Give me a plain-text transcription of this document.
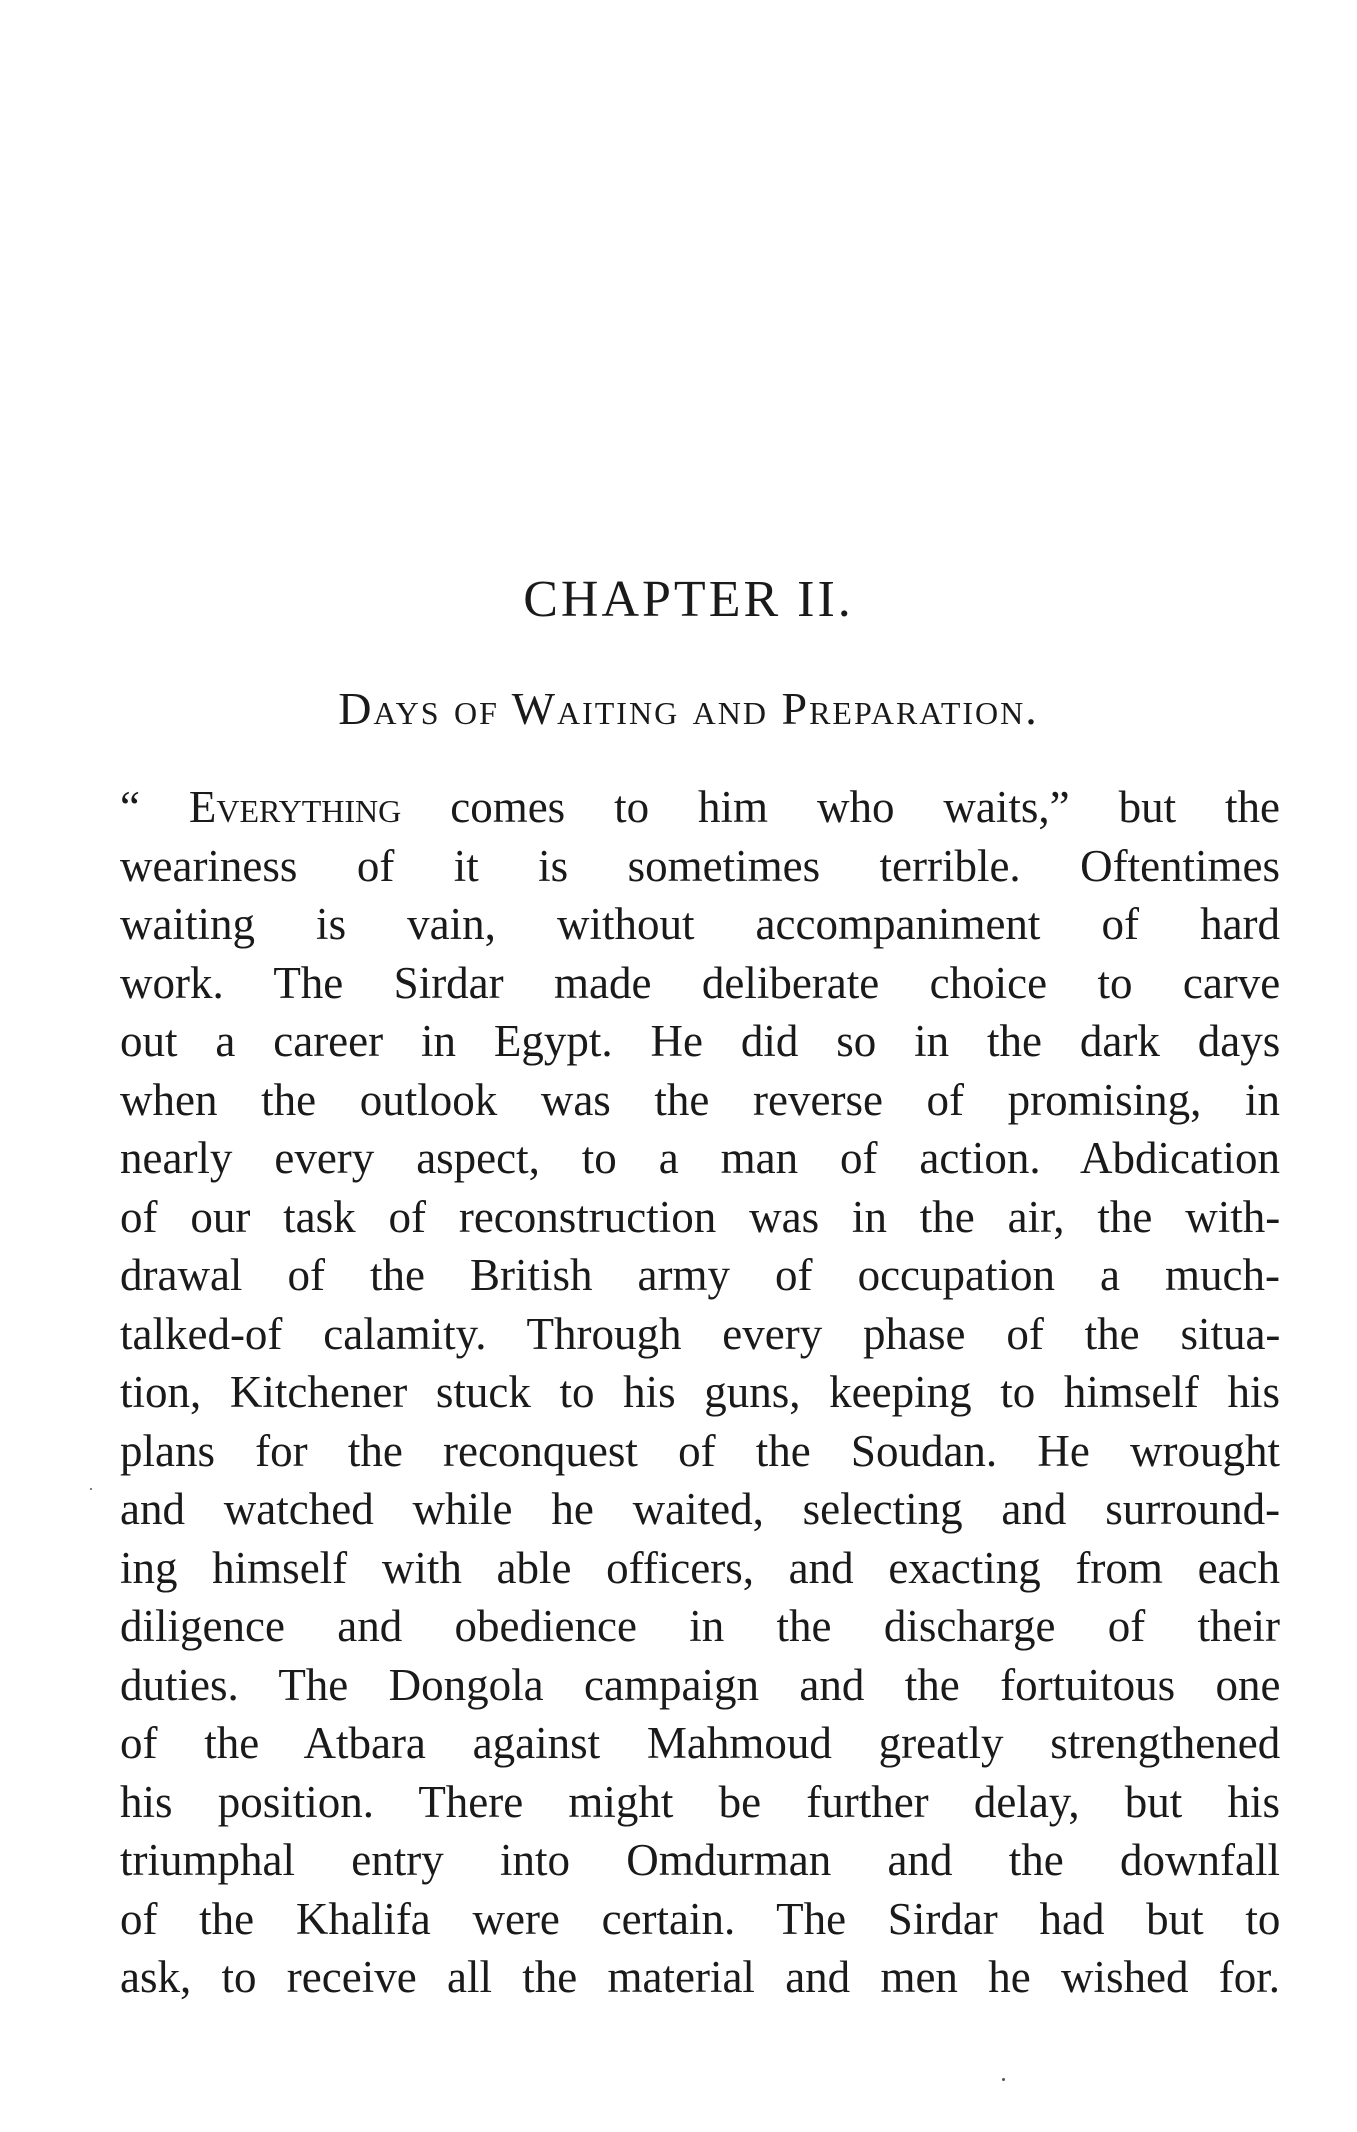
CHAPTER II.
Days of Waiting and Preparation.
“ Everything comes to him who waits,” but the
weariness of it is sometimes terrible. Oftentimes
waiting is vain, without accompaniment of hard
work. The Sirdar made deliberate choice to carve
out a career in Egypt. He did so in the dark days
when the outlook was the reverse of promising, in
nearly every aspect, to a man of action. Abdication
of our task of reconstruction was in the air, the with-
drawal of the British army of occupation a much-
talked-of calamity. Through every phase of the situa-
tion, Kitchener stuck to his guns, keeping to himself his
plans for the reconquest of the Soudan. He wrought
and watched while he waited, selecting and surround-
ing himself with able officers, and exacting from each
diligence and obedience in the discharge of their
duties. The Dongola campaign and the fortuitous one
of the Atbara against Mahmoud greatly strengthened
his position. There might be further delay, but his
triumphal entry into Omdurman and the downfall
of the Khalifa were certain. The Sirdar had but to
ask, to receive all the material and men he wished for.
